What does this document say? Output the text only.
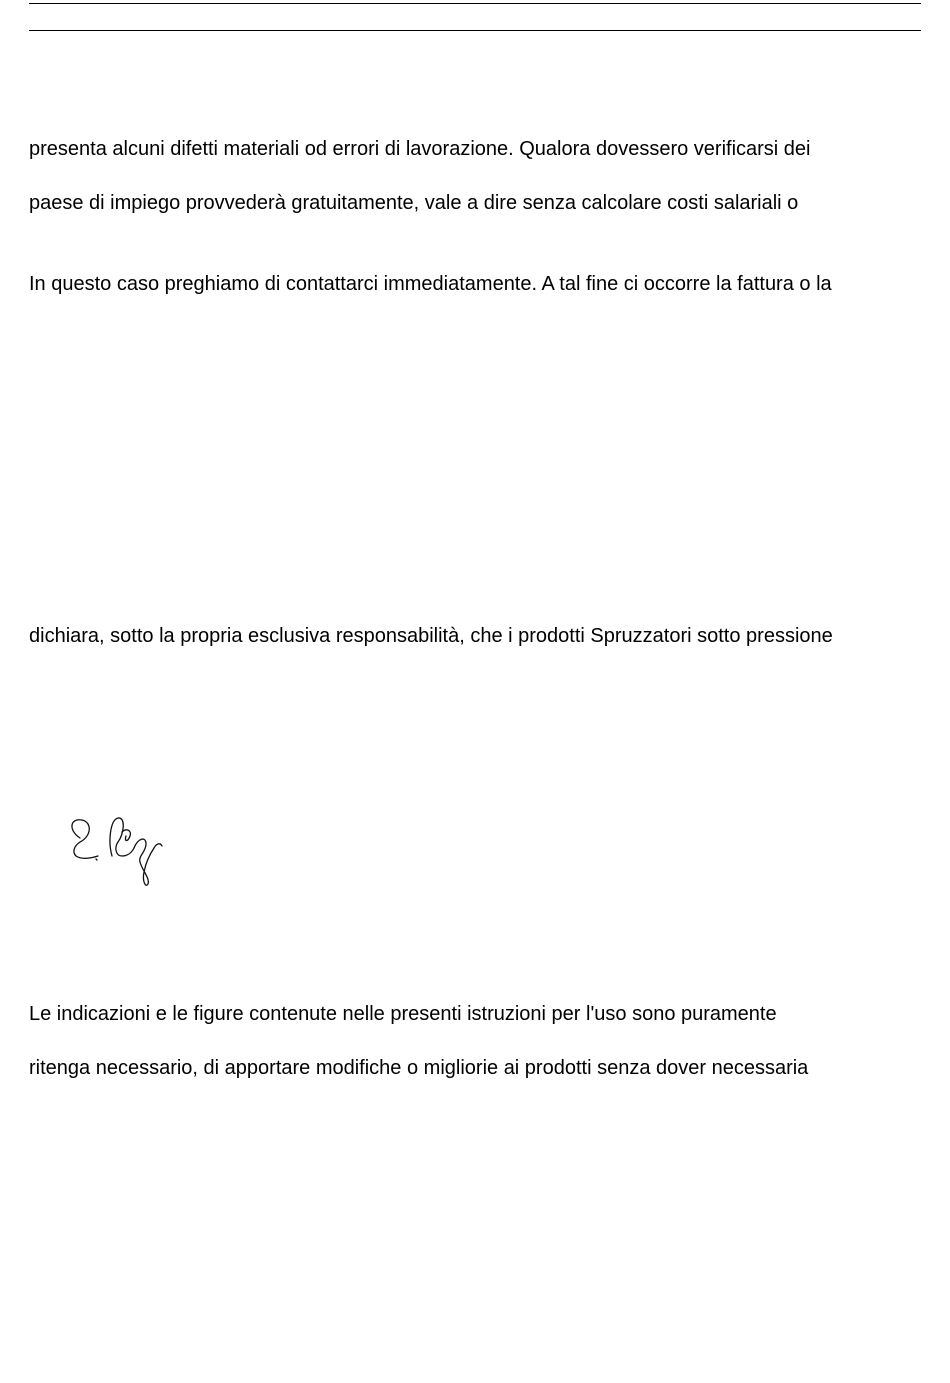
presenta alcuni difetti materiali od errori di lavorazione. Qualora dovessero verificarsi dei
paese di impiego provvederà gratuitamente, vale a dire senza calcolare costi salariali o
In questo caso preghiamo di contattarci immediatamente. A tal fine ci occorre la fattura o la
dichiara, sotto la propria esclusiva responsabilità, che i prodotti Spruzzatori sotto pressione
Le indicazioni e le figure contenute nelle presenti istruzioni per l'uso sono puramente
ritenga necessario, di apportare modifiche o migliorie ai prodotti senza dover necessaria
